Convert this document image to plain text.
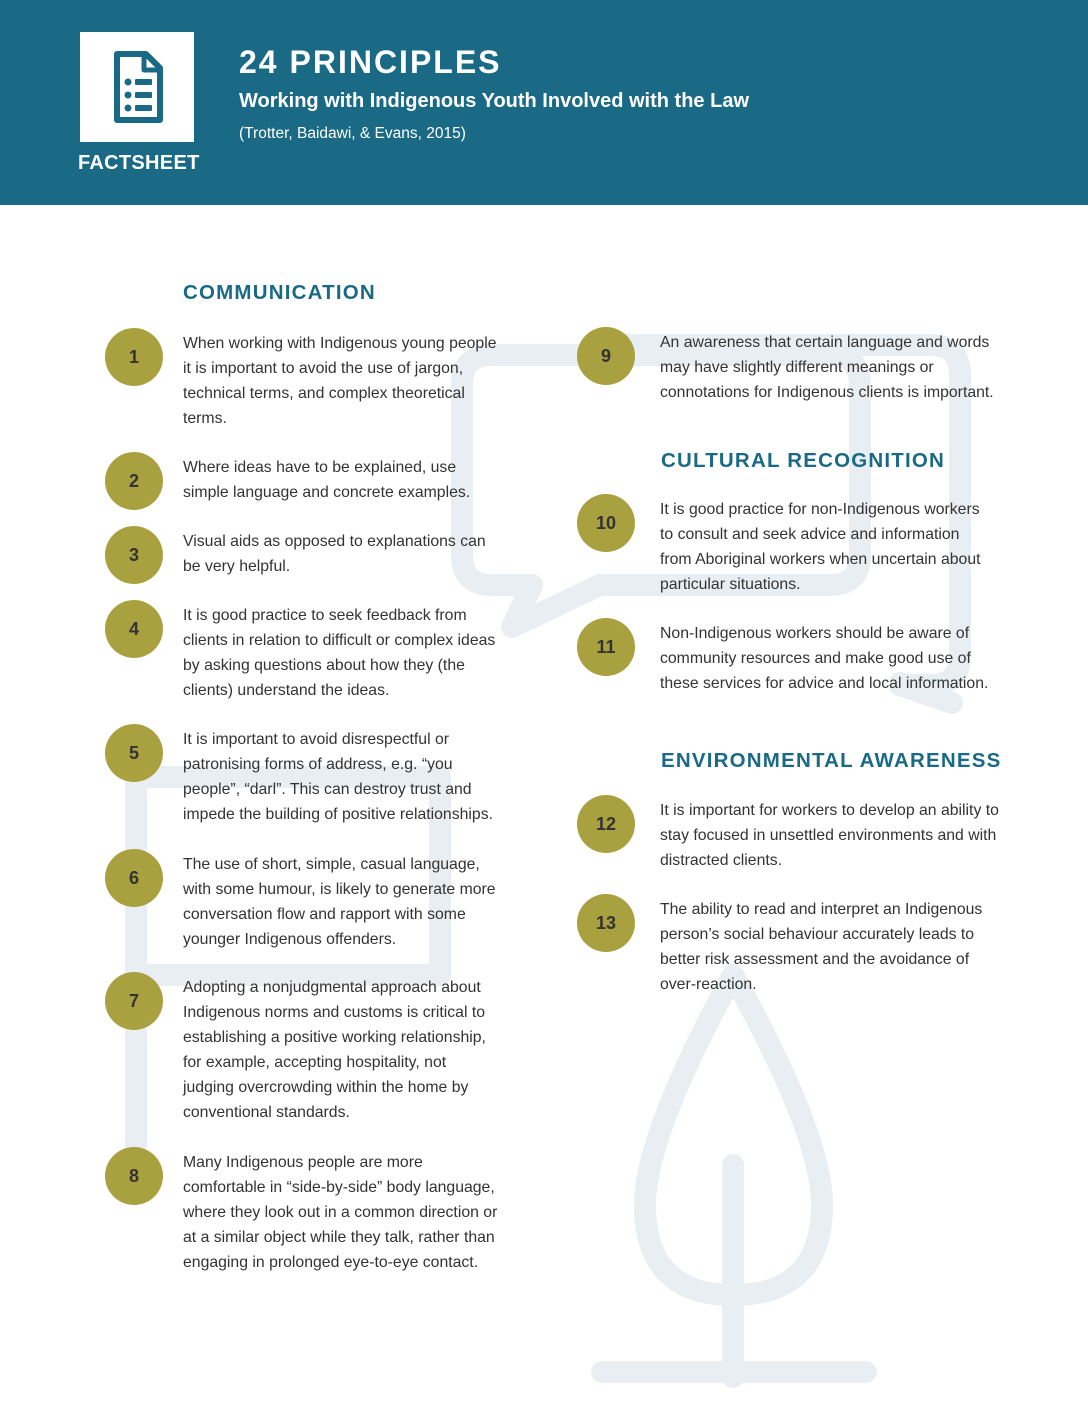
FACTSHEET
24 PRINCIPLES
Working with Indigenous Youth Involved with the Law
(Trotter, Baidawi, & Evans, 2015)
COMMUNICATION
CULTURAL RECOGNITION
ENVIRONMENTAL AWARENESS
1
When working with Indigenous young people it is important to avoid the use of jargon, technical terms, and complex theoretical terms.
2
Where ideas have to be explained, use simple language and concrete examples.
3
Visual aids as opposed to explanations can be very helpful.
4
It is good practice to seek feedback from clients in relation to difficult or complex ideas by asking questions about how they (the clients) understand the ideas.
5
It is important to avoid disrespectful or patronising forms of address, e.g. “you people”, “darl”. This can destroy trust and impede the building of positive relationships.
6
The use of short, simple, casual language, with some humour, is likely to generate more conversation flow and rapport with some younger Indigenous offenders.
7
Adopting a nonjudgmental approach about Indigenous norms and customs is critical to establishing a positive working relationship, for example, accepting hospitality, not judging overcrowding within the home by conventional standards.
8
Many Indigenous people are more comfortable in “side-by-side” body language, where they look out in a common direction or at a similar object while they talk, rather than engaging in prolonged eye-to-eye contact.
9
An awareness that certain language and words may have slightly different meanings or connotations for Indigenous clients is important.
10
It is good practice for non-Indigenous workers to consult and seek advice and information from Aboriginal workers when uncertain about particular situations.
11
Non-Indigenous workers should be aware of community resources and make good use of these services for advice and local information.
12
It is important for workers to develop an ability to stay focused in unsettled environments and with distracted clients.
13
The ability to read and interpret an Indigenous person’s social behaviour accurately leads to better risk assessment and the avoidance of over-reaction.
